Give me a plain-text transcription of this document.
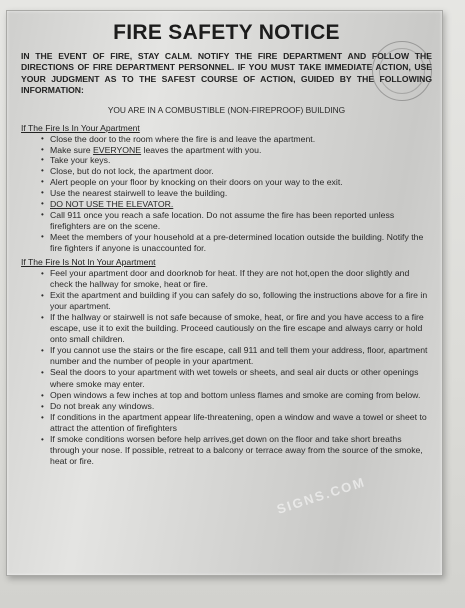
FIRE SAFETY NOTICE

IN THE EVENT OF FIRE, STAY CALM. NOTIFY THE FIRE DEPARTMENT AND FOLLOW THE DIRECTIONS OF FIRE DEPARTMENT PERSONNEL. IF YOU MUST TAKE IMMEDIATE ACTION, USE YOUR JUDGMENT AS TO THE SAFEST COURSE OF ACTION, GUIDED BY THE FOLLOWING INFORMATION:

YOU ARE IN A COMBUSTIBLE (NON-FIREPROOF) BUILDING
If The Fire Is In Your Apartment
• Close the door to the room where the fire is and leave the apartment.
• Make sure EVERYONE leaves the apartment with you.
• Take your keys.
• Close, but do not lock, the apartment door.
• Alert people on your floor by knocking on their doors on your way to the exit.
• Use the nearest stairwell to leave the building.
• DO NOT USE THE ELEVATOR.
• Call 911 once you reach a safe location. Do not assume the fire has been reported unless firefighters are on the scene.
• Meet the members of your household at a pre-determined location outside the building. Notify the fire fighters if anyone is unaccounted for.
If The Fire Is Not In Your Apartment
• Feel your apartment door and doorknob for heat. If they are not hot,open the door slightly and check the hallway for smoke, heat or fire.
• Exit the apartment and building if you can safely do so, following the instructions above for a fire in your apartment.
• If the hallway or stairwell is not safe because of smoke, heat, or fire and you have access to a fire escape, use it to exit the building. Proceed cautiously on the fire escape and always carry or hold onto small children.
• If you cannot use the stairs or the fire escape, call 911 and tell them your address, floor, apartment number and the number of people in your apartment.
• Seal the doors to your apartment with wet towels or sheets, and seal air ducts or other openings where smoke may enter.
• Open windows a few inches at top and bottom unless flames and smoke are coming from below.
• Do not break any windows.
• If conditions in the apartment appear life-threatening, open a window and wave a towel or sheet to attract the attention of firefighters
• If smoke conditions worsen before help arrives,get down on the floor and take short breaths through your nose. If possible, retreat to a balcony or terrace away from the source of the smoke, heat or fire.
SIGNS.COM
